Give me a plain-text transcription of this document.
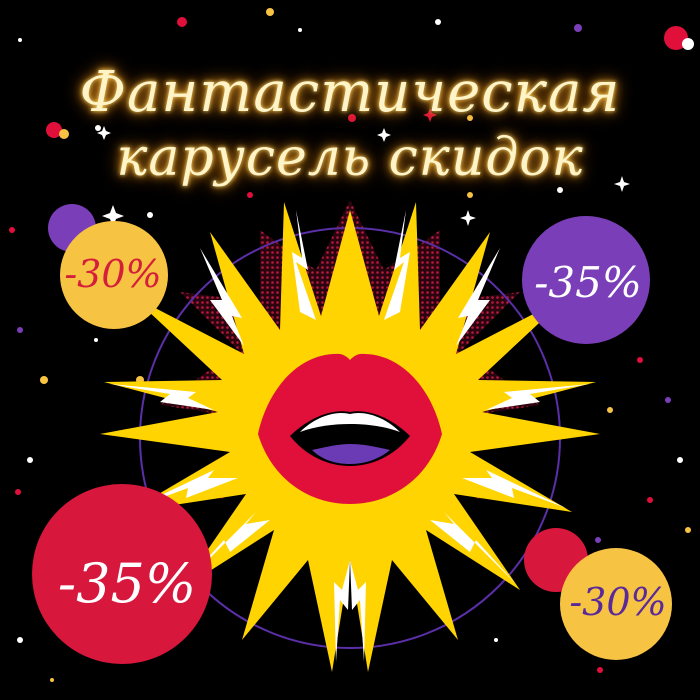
Фантастическая
карусель скидок
-30%	-35%
-35%	-30%
